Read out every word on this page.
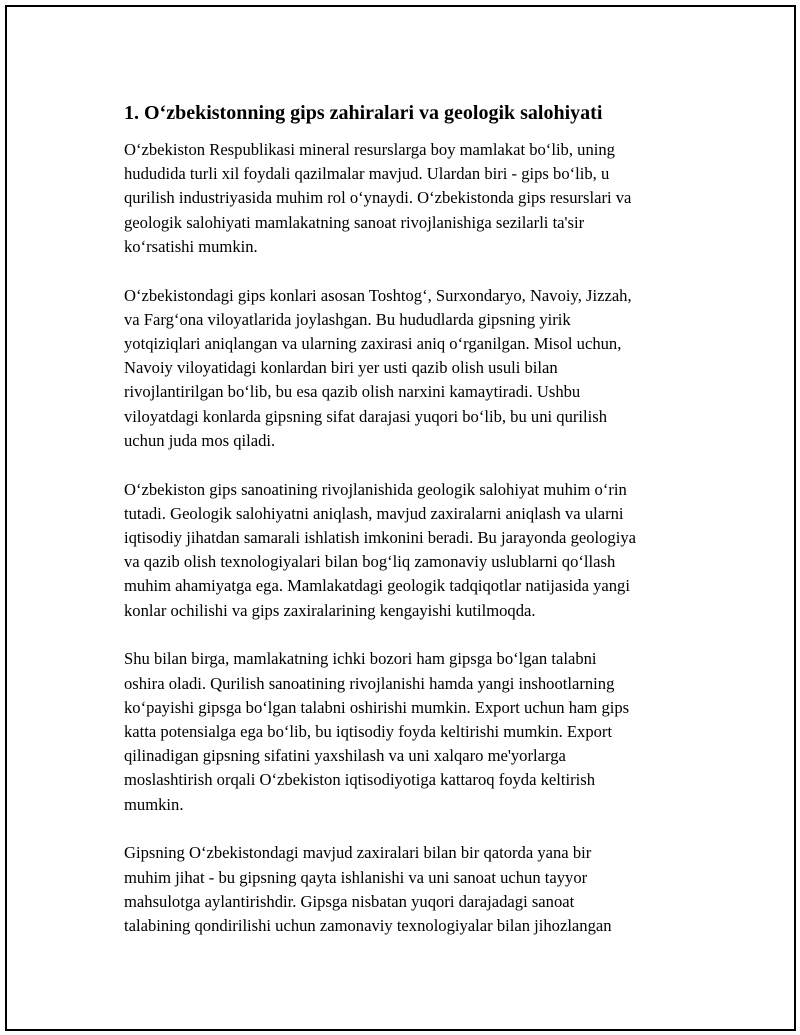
1. O‘zbekistonning gips zahiralari va geologik salohiyati

O‘zbekiston Respublikasi mineral resurslarga boy mamlakat bo‘lib, uning
hududida turli xil foydali qazilmalar mavjud. Ulardan biri - gips bo‘lib, u
qurilish industriyasida muhim rol o‘ynaydi. O‘zbekistonda gips resurslari va
geologik salohiyati mamlakatning sanoat rivojlanishiga sezilarli ta'sir
ko‘rsatishi mumkin.

O‘zbekistondagi gips konlari asosan Toshtog‘, Surxondaryo, Navoiy, Jizzah,
va Farg‘ona viloyatlarida joylashgan. Bu hududlarda gipsning yirik
yotqiziqlari aniqlangan va ularning zaxirasi aniq o‘rganilgan. Misol uchun,
Navoiy viloyatidagi konlardan biri yer usti qazib olish usuli bilan
rivojlantirilgan bo‘lib, bu esa qazib olish narxini kamaytiradi. Ushbu
viloyatdagi konlarda gipsning sifat darajasi yuqori bo‘lib, bu uni qurilish
uchun juda mos qiladi.

O‘zbekiston gips sanoatining rivojlanishida geologik salohiyat muhim o‘rin
tutadi. Geologik salohiyatni aniqlash, mavjud zaxiralarni aniqlash va ularni
iqtisodiy jihatdan samarali ishlatish imkonini beradi. Bu jarayonda geologiya
va qazib olish texnologiyalari bilan bog‘liq zamonaviy uslublarni qo‘llash
muhim ahamiyatga ega. Mamlakatdagi geologik tadqiqotlar natijasida yangi
konlar ochilishi va gips zaxiralarining kengayishi kutilmoqda.

Shu bilan birga, mamlakatning ichki bozori ham gipsga bo‘lgan talabni
oshira oladi. Qurilish sanoatining rivojlanishi hamda yangi inshootlarning
ko‘payishi gipsga bo‘lgan talabni oshirishi mumkin. Export uchun ham gips
katta potensialga ega bo‘lib, bu iqtisodiy foyda keltirishi mumkin. Export
qilinadigan gipsning sifatini yaxshilash va uni xalqaro me'yorlarga
moslashtirish orqali O‘zbekiston iqtisodiyotiga kattaroq foyda keltirish
mumkin.

Gipsning O‘zbekistondagi mavjud zaxiralari bilan bir qatorda yana bir
muhim jihat - bu gipsning qayta ishlanishi va uni sanoat uchun tayyor
mahsulotga aylantirishdir. Gipsga nisbatan yuqori darajadagi sanoat
talabining qondirilishi uchun zamonaviy texnologiyalar bilan jihozlangan
